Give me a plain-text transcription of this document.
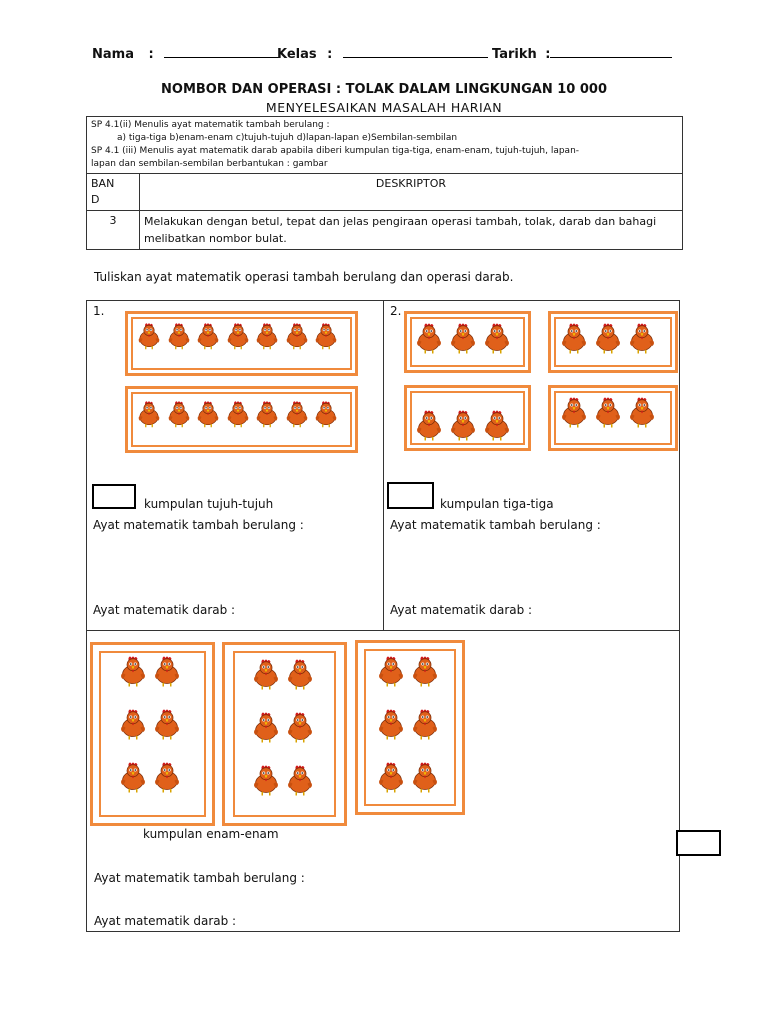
Nama :	Kelas :	Tarikh :
NOMBOR DAN OPERASI : TOLAK DALAM LINGKUNGAN 10 000
MENYELESAIKAN MASALAH HARIAN
SP 4.1(ii) Menulis ayat matematik tambah berulang :
a) tiga-tiga b)enam-enam c)tujuh-tujuh d)lapan-lapan e)Sembilan-sembilan
SP 4.1 (iii) Menulis ayat matematik darab apabila diberi kumpulan tiga-tiga, enam-enam, tujuh-tujuh, lapan-
lapan dan sembilan-sembilan berbantukan : gambar	

BAN
D	DESKRIPTOR
3	Melakukan dengan betul, tepat dan jelas pengiraan operasi tambah, tolak, darab dan bahagi melibatkan nombor bulat.
Tuliskan ayat matematik operasi tambah berulang dan operasi darab.
1.
kumpulan tujuh-tujuh
Ayat matematik tambah berulang :
Ayat matematik darab :
2.
kumpulan tiga-tiga
Ayat matematik tambah berulang :
Ayat matematik darab :
kumpulan enam-enam
Ayat matematik tambah berulang :
Ayat matematik darab :
